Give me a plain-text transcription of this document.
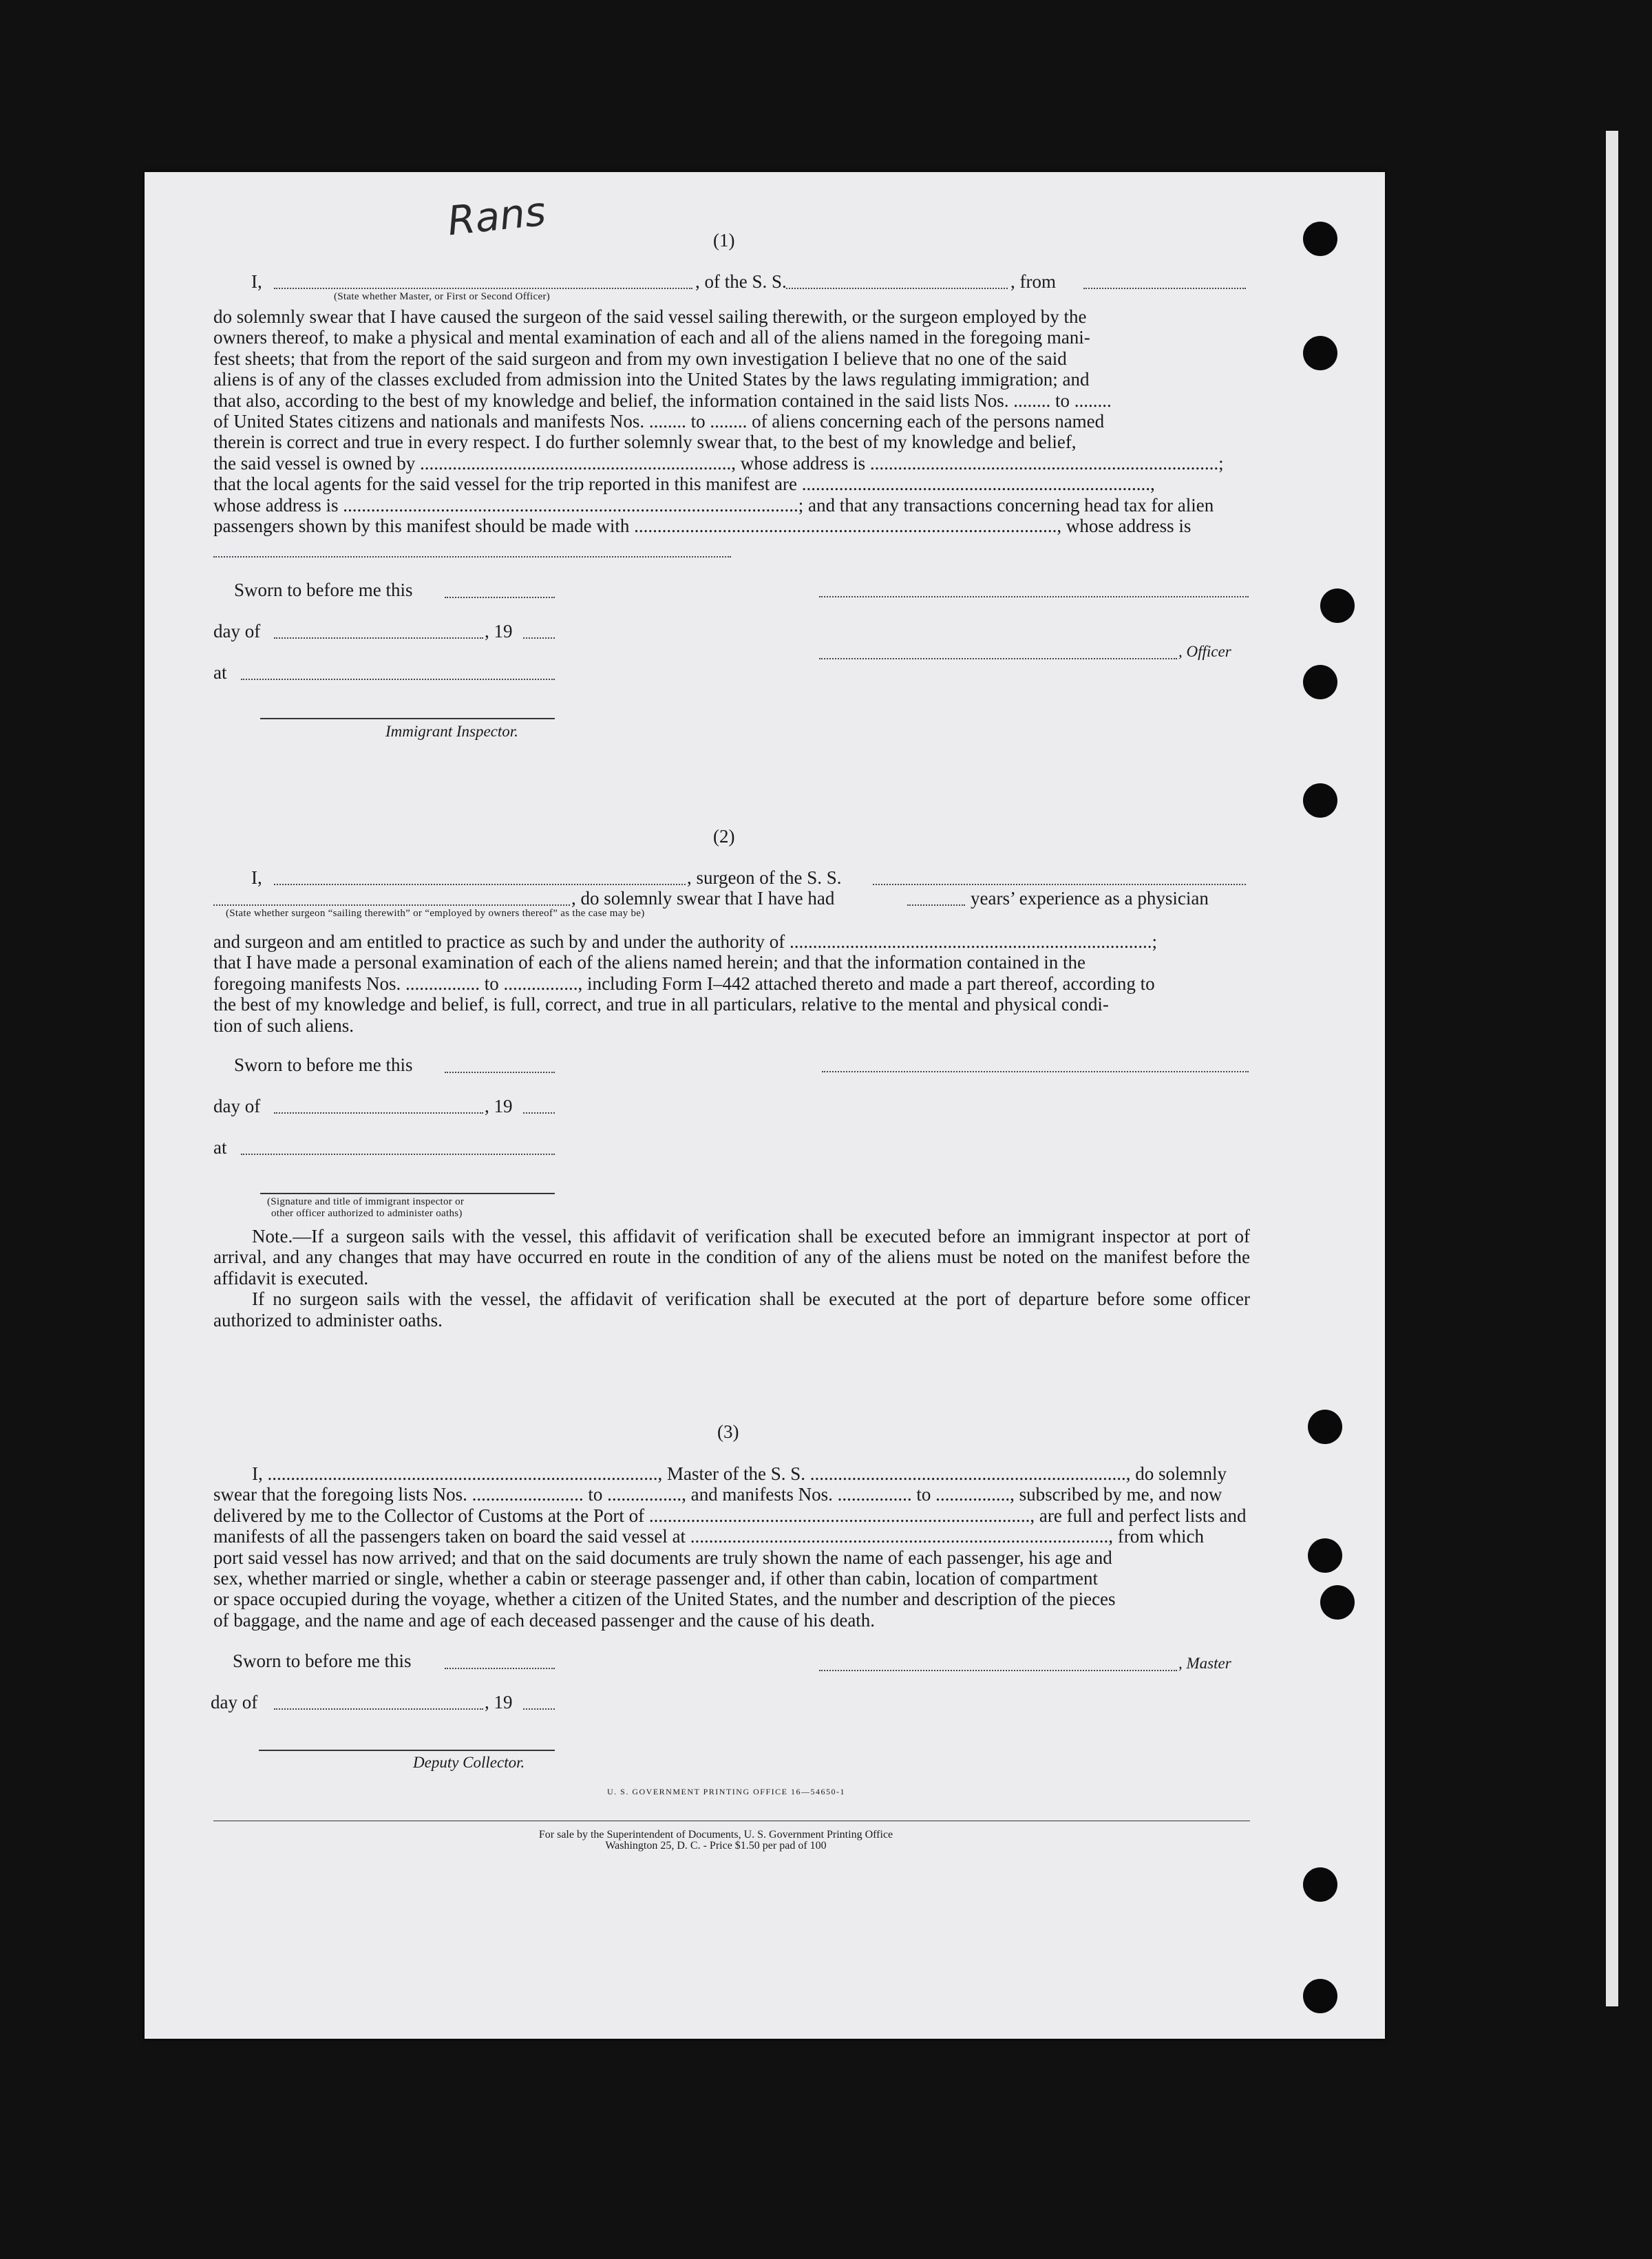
Rans	(1)
I,	, of the S. S.	, from
(State whether Master, or First or Second Officer)

do solemnly swear that I have caused the surgeon of the said vessel sailing therewith, or the surgeon employed by the

owners thereof, to make a physical and mental examination of each and all of the aliens named in the foregoing mani-

fest sheets; that from the report of the said surgeon and from my own investigation I believe that no one of the said

aliens is of any of the classes excluded from admission into the United States by the laws regulating immigration; and

that also, according to the best of my knowledge and belief, the information contained in the said lists Nos. ........ to ........

of United States citizens and nationals and manifests Nos. ........ to ........ of aliens concerning each of the persons named

therein is correct and true in every respect. I do further solemnly swear that, to the best of my knowledge and belief,

the said vessel is owned by ..................................................................., whose address is ...........................................................................;

that the local agents for the said vessel for the trip reported in this manifest are ...........................................................................,

whose address is ..................................................................................................; and that any transactions concerning head tax for alien

passengers shown by this manifest should be made with ..........................................................................................., whose address is

Sworn to before me this
day of	, 19
, Officer
at
Immigrant Inspector.
(2)
I,	, surgeon of the S. S.
, do solemnly swear that I have had	years’ experience as a physician
(State whether surgeon “sailing therewith” or “employed by owners thereof” as the case may be)

and surgeon and am entitled to practice as such by and under the authority of ..............................................................................;

that I have made a personal examination of each of the aliens named herein; and that the information contained in the

foregoing manifests Nos. ................ to ................, including Form I–442 attached thereto and made a part thereof, according to

the best of my knowledge and belief, is full, correct, and true in all particulars, relative to the mental and physical condi-

tion of such aliens.

Sworn to before me this
day of	, 19
at
(Signature and title of immigrant inspector or
other officer authorized to administer oaths)

Note.—If a surgeon sails with the vessel, this affidavit of verification shall be executed before an immigrant inspector at port of arrival, and any changes that may have occurred en route in the condition of any of the aliens must be noted on the manifest before the affidavit is executed.

If no surgeon sails with the vessel, the affidavit of verification shall be executed at the port of departure before some officer authorized to administer oaths.

(3)

I, ...................................................................................., Master of the S. S. ...................................................................., do solemnly

swear that the foregoing lists Nos. ........................ to ................, and manifests Nos. ................ to ................, subscribed by me, and now

delivered by me to the Collector of Customs at the Port of .................................................................................., are full and perfect lists and

manifests of all the passengers taken on board the said vessel at .........................................................................................., from which

port said vessel has now arrived; and that on the said documents are truly shown the name of each passenger, his age and

sex, whether married or single, whether a cabin or steerage passenger and, if other than cabin, location of compartment

or space occupied during the voyage, whether a citizen of the United States, and the number and description of the pieces

of baggage, and the name and age of each deceased passenger and the cause of his death.

Sworn to before me this	, Master
day of	, 19
Deputy Collector.
U. S. GOVERNMENT PRINTING OFFICE 16—54650-1
For sale by the Superintendent of Documents, U. S. Government Printing Office
Washington 25, D. C. - Price $1.50 per pad of 100
